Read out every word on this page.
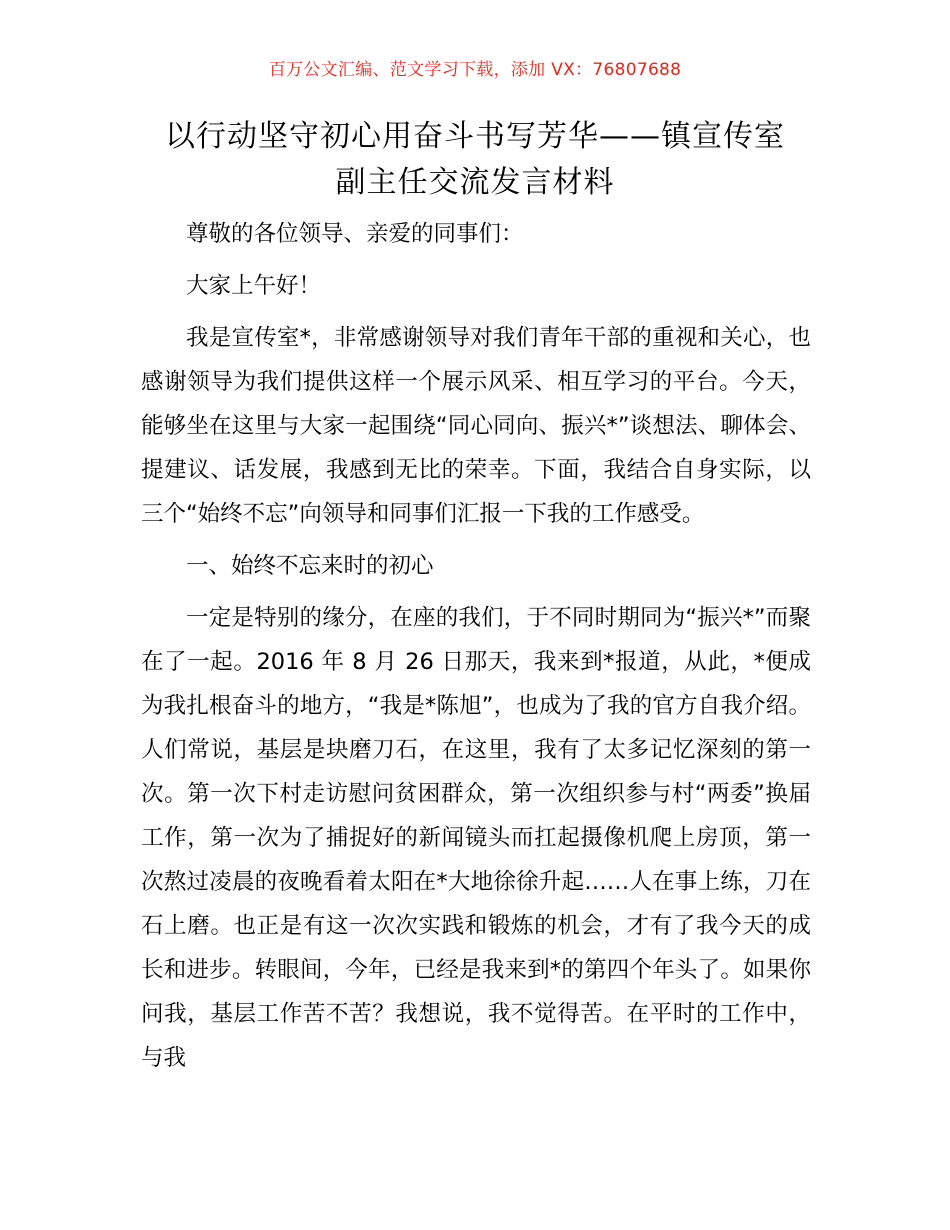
百万公文汇编、范文学习下载，添加 VX：76807688
以行动坚守初心用奋斗书写芳华——镇宣传室
副主任交流发言材料

尊敬的各位领导、亲爱的同事们：

大家上午好！

我是宣传室*，非常感谢领导对我们青年干部的重视和关心，也感谢领导为我们提供这样一个展示风采、相互学习的平台。今天，能够坐在这里与大家一起围绕“同心同向、振兴*”谈想法、聊体会、提建议、话发展，我感到无比的荣幸。下面，我结合自身实际，以三个“始终不忘”向领导和同事们汇报一下我的工作感受。

一、始终不忘来时的初心

一定是特别的缘分，在座的我们，于不同时期同为“振兴*”而聚在了一起。2016 年 8 月 26 日那天，我来到*报道，从此，*便成为我扎根奋斗的地方，“我是*陈旭”，也成为了我的官方自我介绍。人们常说，基层是块磨刀石，在这里，我有了太多记忆深刻的第一次。第一次下村走访慰问贫困群众，第一次组织参与村“两委”换届工作，第一次为了捕捉好的新闻镜头而扛起摄像机爬上房顶，第一次熬过凌晨的夜晚看着太阳在*大地徐徐升起……人在事上练，刀在石上磨。也正是有这一次次实践和锻炼的机会，才有了我今天的成长和进步。转眼间，今年，已经是我来到*的第四个年头了。如果你问我，基层工作苦不苦？我想说，我不觉得苦。在平时的工作中，与我
